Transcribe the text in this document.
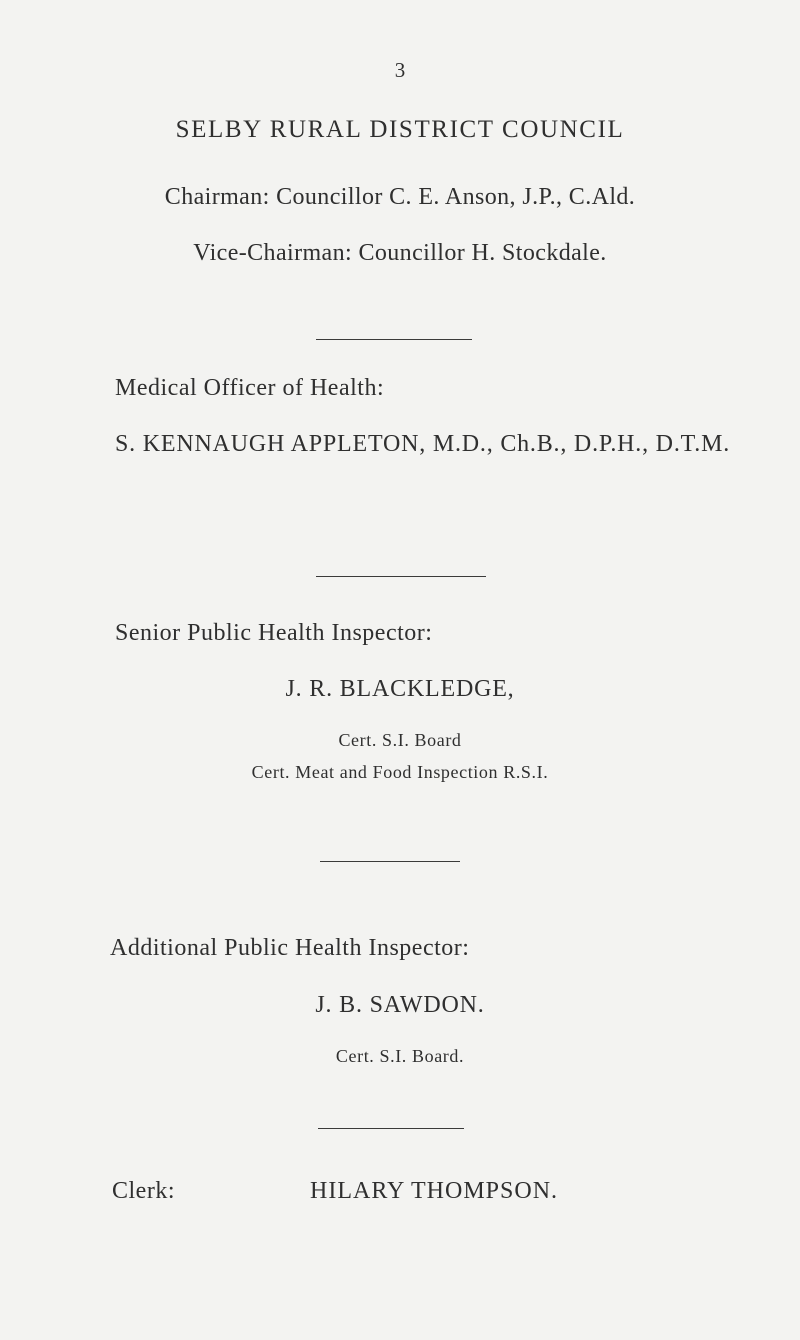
3
SELBY RURAL DISTRICT COUNCIL
Chairman: Councillor C. E. Anson, J.P., C.Ald.
Vice-Chairman: Councillor H. Stockdale.
Medical Officer of Health:
S. KENNAUGH APPLETON, M.D., Ch.B., D.P.H., D.T.M.
Senior Public Health Inspector:
J. R. BLACKLEDGE,
Cert. S.I. Board
Cert. Meat and Food Inspection R.S.I.
Additional Public Health Inspector:
J. B. SAWDON.
Cert. S.I. Board.
Clerk:	HILARY THOMPSON.
